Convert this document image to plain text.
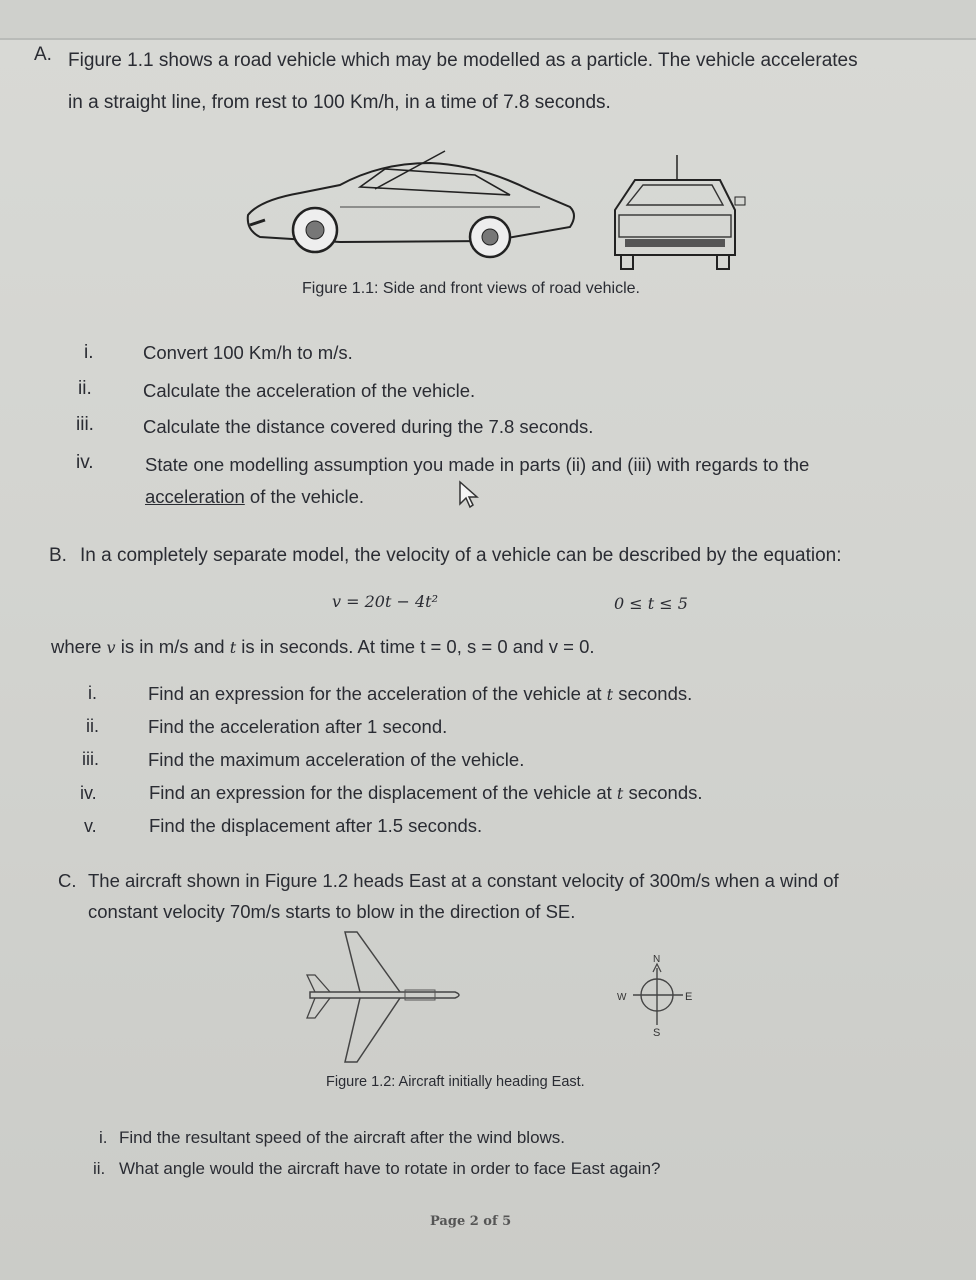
A. Figure 1.1 shows a road vehicle which may be modelled as a particle. The vehicle accelerates
in a straight line, from rest to 100 Km/h, in a time of 7.8 seconds.
Figure 1.1: Side and front views of road vehicle.
i.	Convert 100 Km/h to m/s.
ii.	Calculate the acceleration of the vehicle.
iii.	Calculate the distance covered during the 7.8 seconds.
iv.	State one modelling assumption you made in parts (ii) and (iii) with regards to the
acceleration of the vehicle.
B. In a completely separate model, the velocity of a vehicle can be described by the equation:
v = 20t − 4t²	0 ≤ t ≤ 5
where v is in m/s and t is in seconds. At time t = 0, s = 0 and v = 0.
i.	Find an expression for the acceleration of the vehicle at t seconds.
ii.	Find the acceleration after 1 second.
iii.	Find the maximum acceleration of the vehicle.
iv.	Find an expression for the displacement of the vehicle at t seconds.
v.	Find the displacement after 1.5 seconds.
C. The aircraft shown in Figure 1.2 heads East at a constant velocity of 300m/s when a wind of
constant velocity 70m/s starts to blow in the direction of SE.
N
S
E
W
Figure 1.2: Aircraft initially heading East.
i. Find the resultant speed of the aircraft after the wind blows.
ii. What angle would the aircraft have to rotate in order to face East again?
Page 2 of 5
